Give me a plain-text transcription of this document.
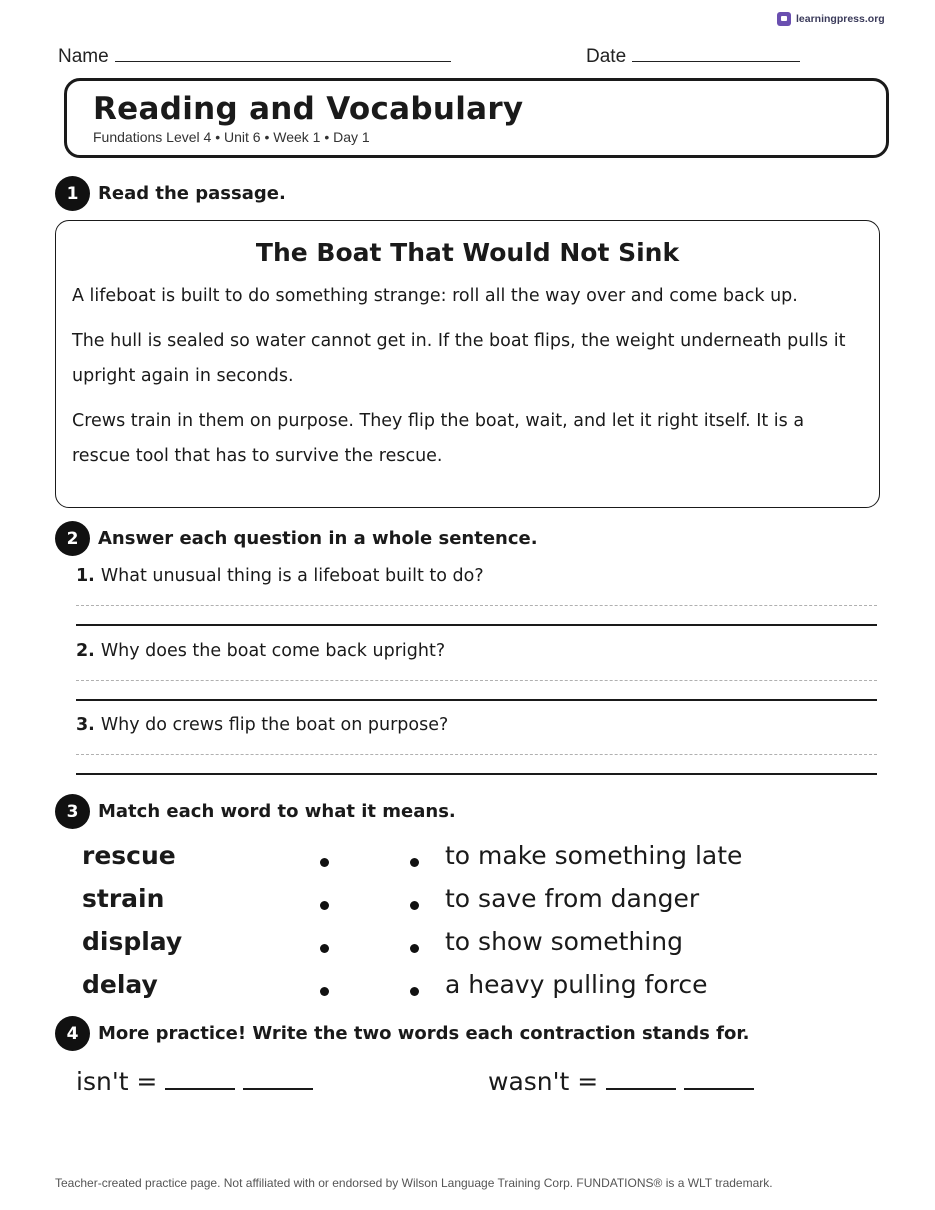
learningpress.org
Name	Date
Reading and Vocabulary
Fundations Level 4 • Unit 6 • Week 1 • Day 1
1	Read the passage.
The Boat That Would Not Sink

A lifeboat is built to do something strange: roll all the way over and come back up.

The hull is sealed so water cannot get in. If the boat flips, the weight underneath pulls it upright again in seconds.

Crews train in them on purpose. They flip the boat, wait, and let it right itself. It is a rescue tool that has to survive the rescue.

2	Answer each question in a whole sentence.
1. What unusual thing is a lifeboat built to do?
2. Why does the boat come back upright?
3. Why do crews flip the boat on purpose?
3	Match each word to what it means.
rescue	to make something late
strain	to save from danger
display	to show something
delay	a heavy pulling force
4	More practice! Write the two words each contraction stands for.
isn't =	wasn't =
Teacher-created practice page. Not affiliated with or endorsed by Wilson Language Training Corp. FUNDATIONS® is a WLT trademark.
